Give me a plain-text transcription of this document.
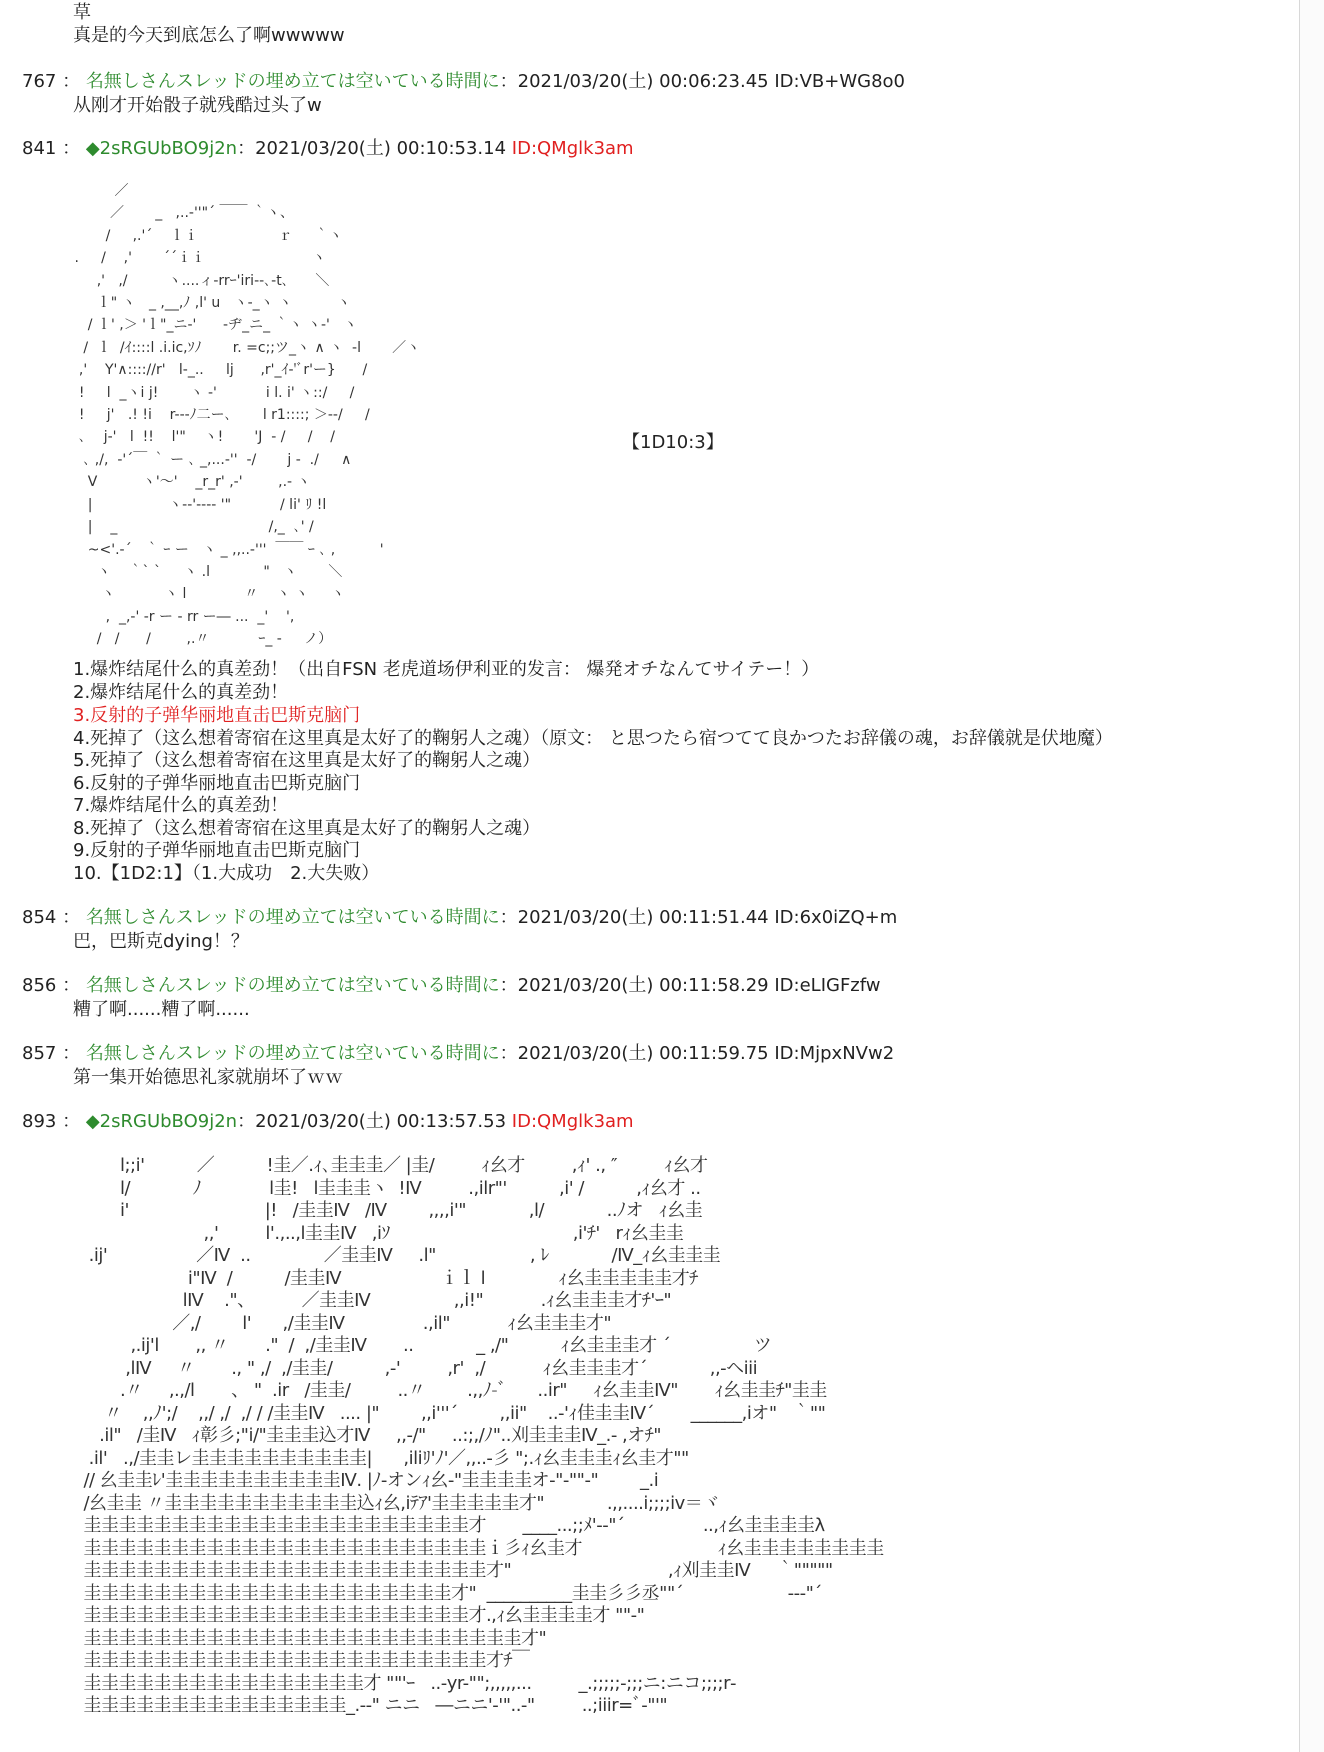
草
真是的今天到底怎么了啊wwwww
767 ： 名無しさんスレッドの埋め立ては空いている時間に：2021/03/20(土) 00:06:23.45 ID:VB+WG8o0
从刚才开始骰子就残酷过头了w
841 ： ◆2sRGUbBO9j2n：2021/03/20(土) 00:10:53.14 ID:QMglk3am
／
／       _   ,..-''"´ ￣￣ ｀ヽ、
/     ,.'´    ｌｉ                  ｒ     ｀ヽ
.     /    ,'       ´´ｉｉ                        ヽ
,'   ,/         ヽ....ィ-rrｰ'iri--､-t､      ＼
ｌ" ヽ   _ ,__,ﾉ ,l' u   ヽ-_ヽ ヽ          ヽ
/ ｌ' ,＞ 'ｌ"_ニ-'      -ヂ_ニ_ ｀ヽ ヽ-'   ヽ
/  ｌ  /ｲ::::l .i.ic,ｿﾉ       r. =c;;ツ_ヽ ∧ ヽ  -l       ／ヽ
,'    Y'∧:::://r'   l-_..     lj      ,r'_ｲ-'ﾞr'ー}      /
!     l  _ヽi j!       ヽ -'           i l. i' ヽ::/     /
!     j'   .! !i    r---ﾉ二ー､       l r1::::; ＞--/     /
､    j-'   l  !!    l'"    ヽ!       'J  - /     /    /
､ ,/,  -'´￣ ｀ ー ､ _,...-''  -/       j -  ./     ∧
V          ヽ'～'    _r_r' ,-'        ,.- ヽ
|                 ヽ--'---- '"           / li' ﾘ !l
|    _                                  /,_  ､' /
~<'.-´   ｀ ｰ ー   ヽ _ ,,..-'''  ￣￣ ｰ ､ ,          '
ヽ    ｀` `     ヽ .l            "   ヽ       ＼
ヽ           ヽ l             〃    ヽ ヽ     ヽ
,  _,-' ‐r ー ‐ rr ー― ...  _'    ',
/   /      /        ,.〃           ｰ_ ‐     ノ）
【1D10:3】
1.爆炸结尾什么的真差劲！（出自FSN 老虎道场伊利亚的发言： 爆発オチなんてサイテー！）
2.爆炸结尾什么的真差劲！
3.反射的子弹华丽地直击巴斯克脑门
4.死掉了（这么想着寄宿在这里真是太好了的鞠躬人之魂）（原文： と思つたら宿つてて良かつたお辞儀の魂，お辞儀就是伏地魔）
5.死掉了（这么想着寄宿在这里真是太好了的鞠躬人之魂）
6.反射的子弹华丽地直击巴斯克脑门
7.爆炸结尾什么的真差劲！
8.死掉了（这么想着寄宿在这里真是太好了的鞠躬人之魂）
9.反射的子弹华丽地直击巴斯克脑门
10.【1D2:1】（1.大成功　2.大失败）
854 ： 名無しさんスレッドの埋め立ては空いている時間に：2021/03/20(土) 00:11:51.44 ID:6x0iZQ+m
巴，巴斯克dying！？
856 ： 名無しさんスレッドの埋め立ては空いている時間に：2021/03/20(土) 00:11:58.29 ID:eLIGFzfw
糟了啊......糟了啊......
857 ： 名無しさんスレッドの埋め立ては空いている時間に：2021/03/20(土) 00:11:59.75 ID:MjpxNVw2
第一集开始德思礼家就崩坏了ｗｗ
893 ： ◆2sRGUbBO9j2n：2021/03/20(土) 00:13:57.53 ID:QMglk3am
l;;i'          ／          !圭／.ｨ､圭圭圭／ |圭/         ｨ幺才         ,ｨ' ., ″         ｨ幺才
l/            ﾉ             l圭!   l圭圭圭ヽ  !Ⅳ         .,ilr"'          ,i' /          ,ｨ幺才 ..
i'                          |!   /圭圭Ⅳ   /Ⅳ        ,,,,i'"            ,l/            ..ﾉオ   ｨ幺圭
,,'         l'.,..,l圭圭Ⅳ   ,iｿ                                   ,i'ﾁ'   rｨ幺圭圭
.ij'                 ／Ⅳ  ..              ／圭圭Ⅳ     .l"                  , ﾚ            /Ⅳ_ｨ幺圭圭圭
i"Ⅳ  /          /圭圭Ⅳ                   ｉｌ l              ｨ幺圭圭圭圭圭才ﾁ
lⅣ    ."、         ／圭圭Ⅳ                ,,i!"           .ｨ幺圭圭圭才ﾁ'ｰ"
／,/        l'      ,/圭圭Ⅳ               .,il"           ｨ幺圭圭圭才"
,.ij'l       ,, 〃       ."  /  ,/圭圭Ⅳ       ..            _ ,/"          ｨ幺圭圭圭才 ´                ツ
,lⅣ     〃       ., " ,/  ,/圭圭/          ,-'         ,r'  ,/           ｨ幺圭圭圭才´            ,,-ヘiii
.〃     ,.,/l       、 "  .ir   /圭圭/         ..〃        .,,ﾉ-ﾞ      ..ir"     ｨ幺圭圭Ⅳ"       ｨ幺圭圭ﾁ"圭圭
〃    ,,ﾉ';/    ,,/ ,/  ,/ / /圭圭Ⅳ   .... |"        ,,i'''´        ,,ii"    ..-'ｨ佳圭圭Ⅳ´       ______,iオ"   ｀""
.il"   /圭Ⅳ   ｨ彰彡;"i/"圭圭圭込才Ⅳ     ,,-/"     ..:;,/ﾉ"..刈圭圭圭Ⅳ_.- ,オﾁ"
.il'   .,/圭圭レ圭圭圭圭圭圭圭圭圭圭|      ,iliﾘ'ﾉ'／,,..-彡 ";.ｨ幺圭圭圭ｨ幺圭才""
// 幺圭圭ﾚ'圭圭圭圭圭圭圭圭圭圭Ⅳ. |ﾉ-オンｨ幺-"圭圭圭圭オ-"‐""‐"        _.i
/幺圭圭 〃圭圭圭圭圭圭圭圭圭圭圭込ｨ幺,iﾃｱ'圭圭圭圭圭才"            .,,....i;;;;iv＝ヾ
圭圭圭圭圭圭圭圭圭圭圭圭圭圭圭圭圭圭圭圭圭圭才       ____...;;ﾒ'-‐"´               ..,ｨ幺圭圭圭圭λ
圭圭圭圭圭圭圭圭圭圭圭圭圭圭圭圭圭圭圭圭圭圭圭ｉ彡ｨ幺圭才                          ｨ幺圭圭圭圭圭圭圭圭
圭圭圭圭圭圭圭圭圭圭圭圭圭圭圭圭圭圭圭圭圭圭圭才"                              ,ｨ刈圭圭Ⅳ     ｀"""""
圭圭圭圭圭圭圭圭圭圭圭圭圭圭圭圭圭圭圭圭圭才"  __________圭圭彡彡丞""´                    ---"´
圭圭圭圭圭圭圭圭圭圭圭圭圭圭圭圭圭圭圭圭圭圭才.,ｨ幺圭圭圭圭才 ""-"
圭圭圭圭圭圭圭圭圭圭圭圭圭圭圭圭圭圭圭圭圭圭圭圭圭才"
圭圭圭圭圭圭圭圭圭圭圭圭圭圭圭圭圭圭圭圭圭圭圭才ﾁ￣
圭圭圭圭圭圭圭圭圭圭圭圭圭圭圭圭才 ""'ｰ   ..-yr-"";,,,,,...         _.;;;;;-;;;ニ:ニコ;;;;r‐
圭圭圭圭圭圭圭圭圭圭圭圭圭圭圭_.-‐" ニニ   ―ニニ'-'"..-"         ..;iiir=ﾞ-"'"
